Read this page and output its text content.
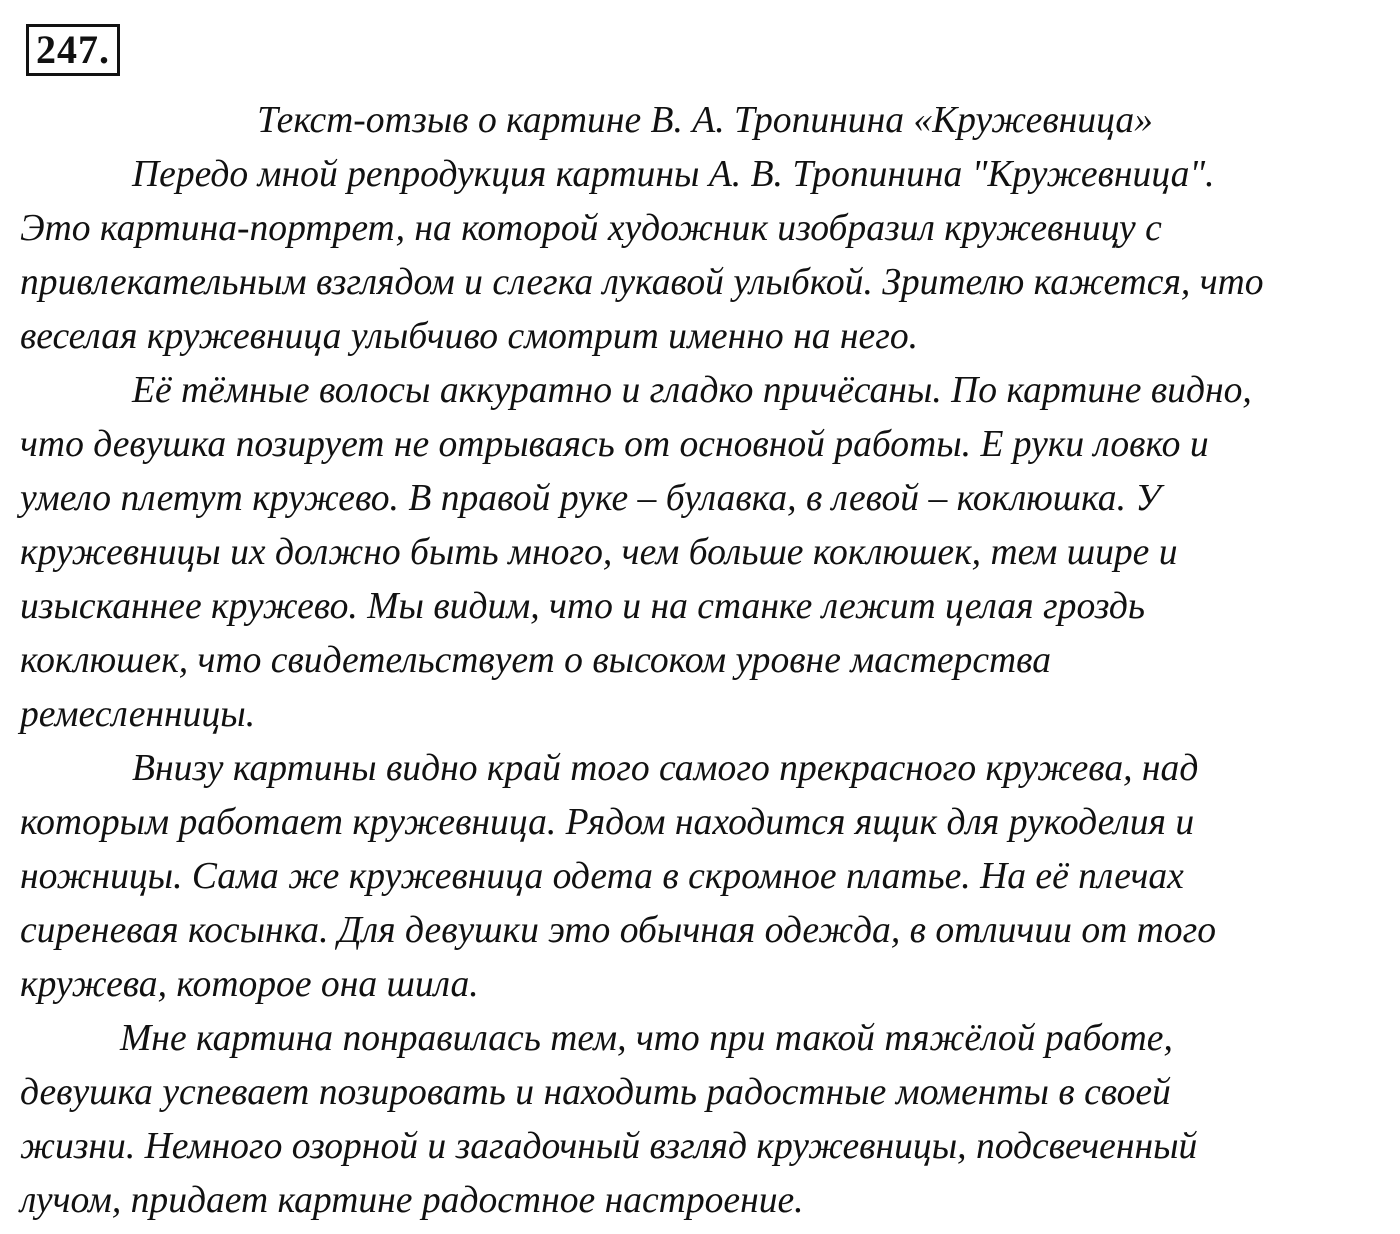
247.
Текст-отзыв о картине В. А. Тропинина «Кружевница»
Передо мной репродукция картины А. В. Тропинина "Кружевница".
Это картина-портрет, на которой художник изобразил кружевницу с
привлекательным взглядом и слегка лукавой улыбкой. Зрителю кажется, что
веселая кружевница улыбчиво смотрит именно на него.
Её тёмные волосы аккуратно и гладко причёсаны. По картине видно,
что девушка позирует не отрываясь от основной работы. Е руки ловко и
умело плетут кружево. В правой руке – булавка, в левой – коклюшка. У
кружевницы их должно быть много, чем больше коклюшек, тем шире и
изысканнее кружево. Мы видим, что и на станке лежит целая гроздь
коклюшек, что свидетельствует о высоком уровне мастерства
ремесленницы.
Внизу картины видно край того самого прекрасного кружева, над
которым работает кружевница. Рядом находится ящик для рукоделия и
ножницы. Сама же кружевница одета в скромное платье. На её плечах
сиреневая косынка. Для девушки это обычная одежда, в отличии от того
кружева, которое она шила.
Мне картина понравилась тем, что при такой тяжёлой работе,
девушка успевает позировать и находить радостные моменты в своей
жизни. Немного озорной и загадочный взгляд кружевницы, подсвеченный
лучом, придает картине радостное настроение.
